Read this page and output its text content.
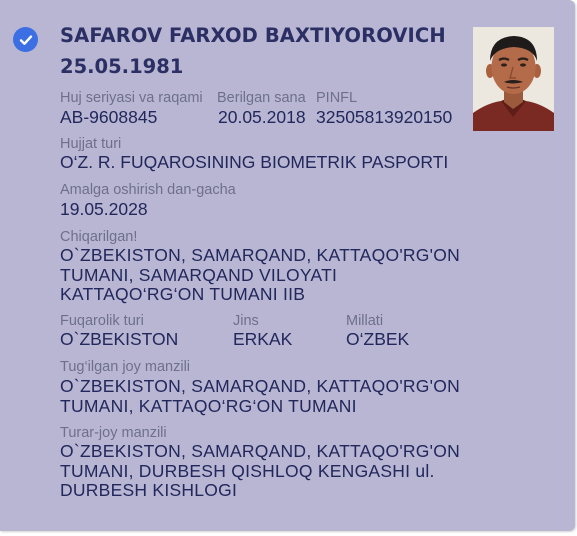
SAFAROV FARXOD BAXTIYOROVICH
25.05.1981
Huj seriyasi va raqami
AB-9608845
Berilgan sana
20.05.2018
PINFL
32505813920150
Hujjat turi
O‘Z. R. FUQAROSINING BIOMETRIK PASPORTI
Amalga oshirish dan-gacha
19.05.2028
Chiqarilgan!
O`ZBEKISTON, SAMARQAND, KATTAQO'RG'ON TUMANI, SAMARQAND VILOYATI KATTAQO‘RG‘ON TUMANI IIB
Fuqarolik turi
O`ZBEKISTON
Jins
ERKAK
Millati
O‘ZBEK
Tug‘ilgan joy manzili
O`ZBEKISTON, SAMARQAND, KATTAQO'RG'ON TUMANI, KATTAQO‘RG‘ON TUMANI
Turar-joy manzili
O`ZBEKISTON, SAMARQAND, KATTAQO'RG'ON TUMANI, DURBESH QISHLOQ KENGASHI ul. DURBESH KISHLOGI
